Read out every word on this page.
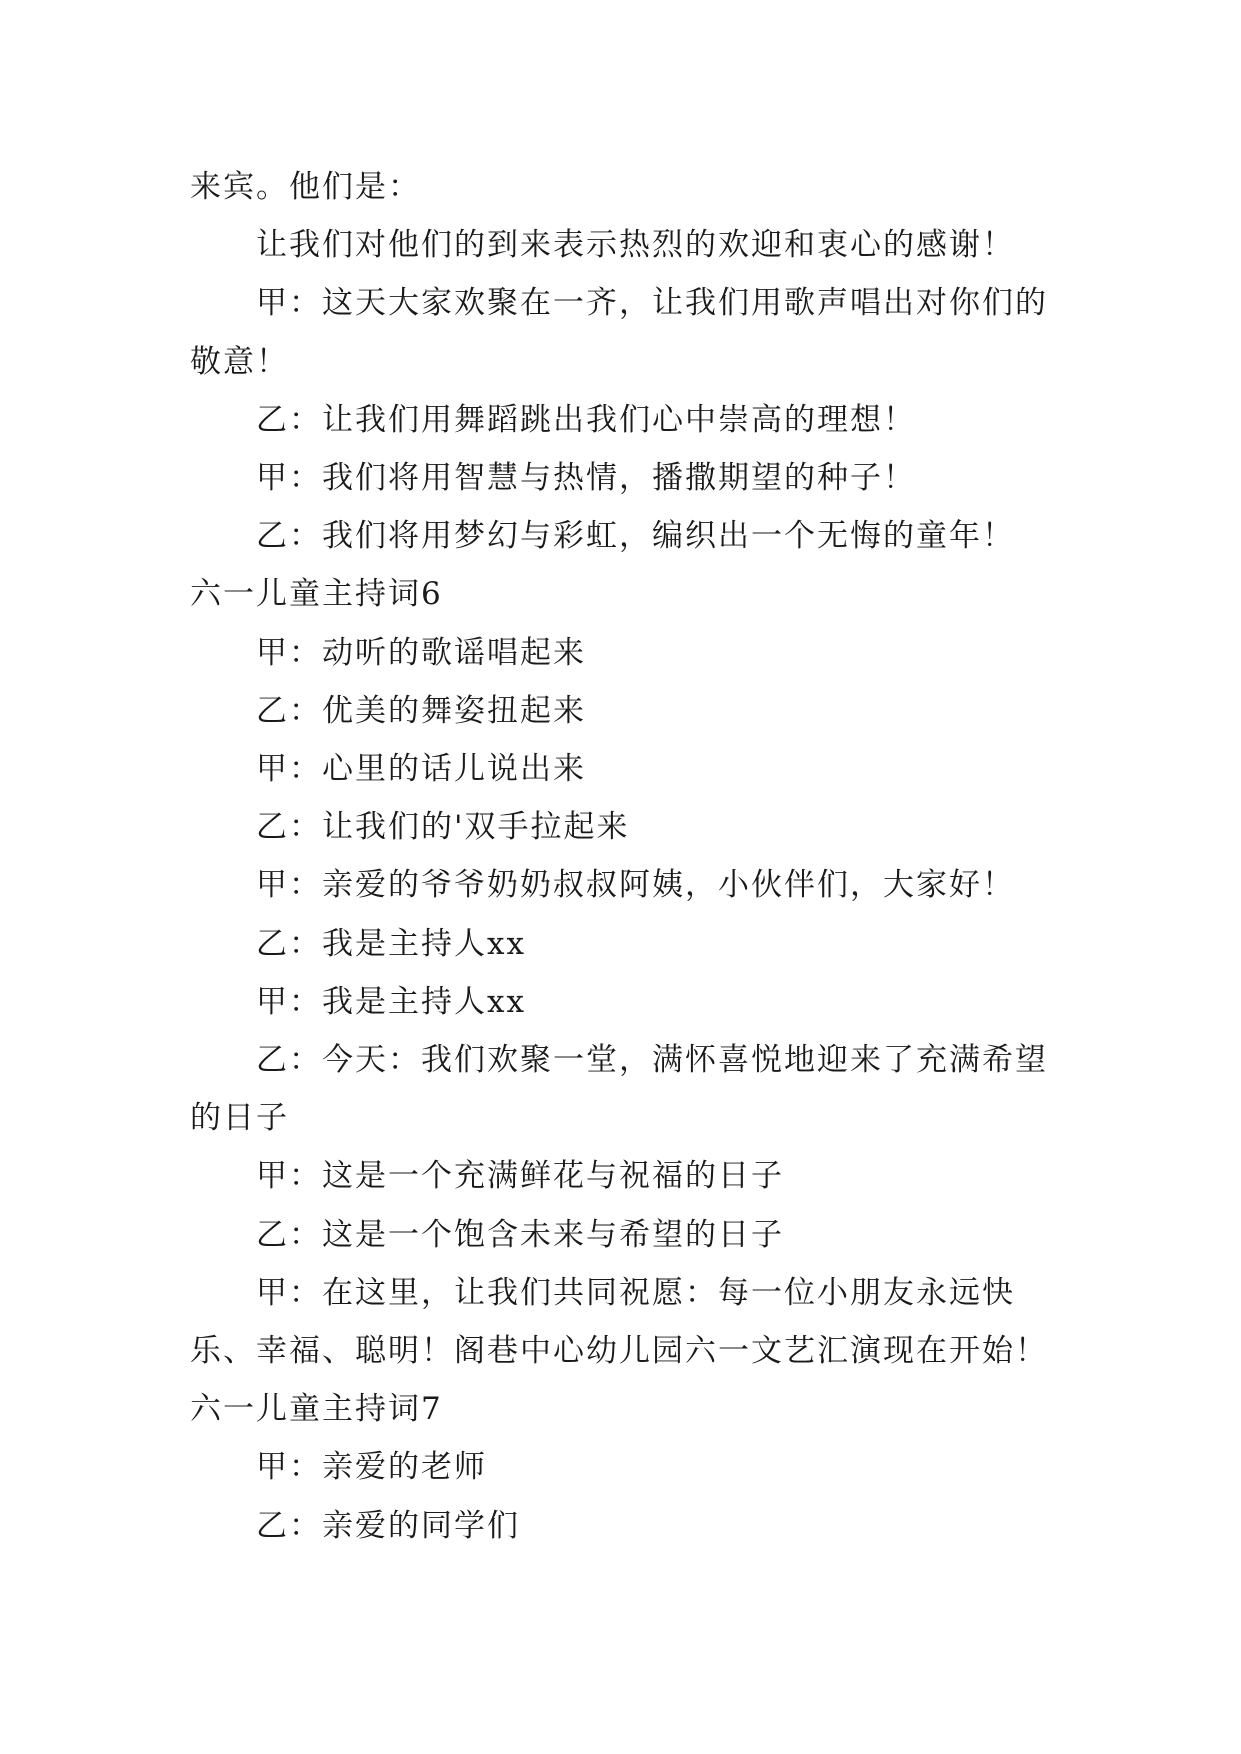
来宾。他们是：

让我们对他们的到来表示热烈的欢迎和衷心的感谢！

甲：这天大家欢聚在一齐，让我们用歌声唱出对你们的敬意！

乙：让我们用舞蹈跳出我们心中崇高的理想！

甲：我们将用智慧与热情，播撒期望的种子！

乙：我们将用梦幻与彩虹，编织出一个无悔的童年！

六一儿童主持词6

甲：动听的歌谣唱起来

乙：优美的舞姿扭起来

甲：心里的话儿说出来

乙：让我们的'双手拉起来

甲：亲爱的爷爷奶奶叔叔阿姨，小伙伴们，大家好！

乙：我是主持人xx

甲：我是主持人xx

乙：今天：我们欢聚一堂，满怀喜悦地迎来了充满希望的日子

甲：这是一个充满鲜花与祝福的日子

乙：这是一个饱含未来与希望的日子

甲：在这里，让我们共同祝愿：每一位小朋友永远快乐、幸福、聪明！阁巷中心幼儿园六一文艺汇演现在开始！

六一儿童主持词7

甲：亲爱的老师

乙：亲爱的同学们
